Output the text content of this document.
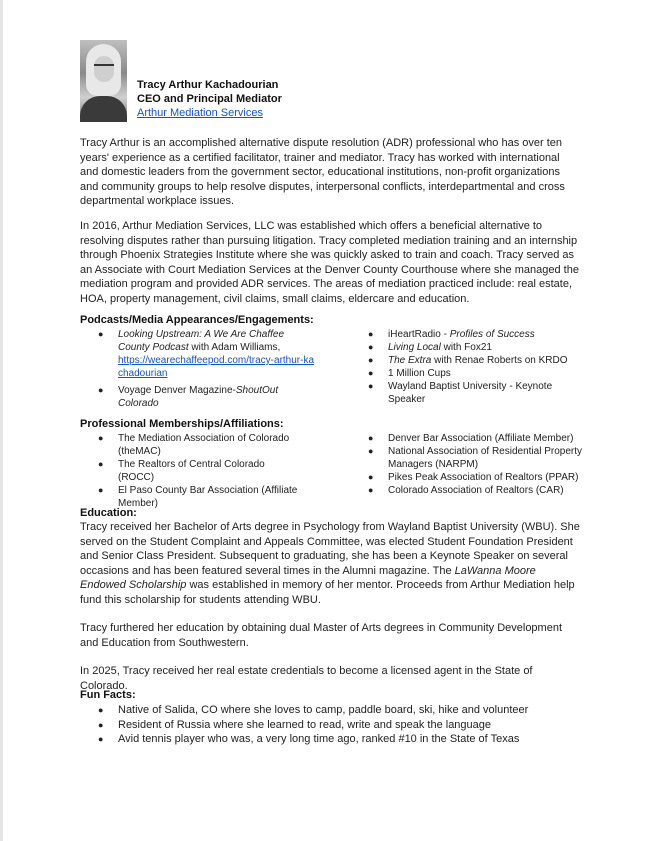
Tracy Arthur Kachadourian
CEO and Principal Mediator
Arthur Mediation Services

Tracy Arthur is an accomplished alternative dispute resolution (ADR) professional who has over ten years' experience as a certified facilitator, trainer and mediator. Tracy has worked with international and domestic leaders from the government sector, educational institutions, non-profit organizations and community groups to help resolve disputes, interpersonal conflicts, interdepartmental and cross departmental workplace issues.

In 2016, Arthur Mediation Services, LLC was established which offers a beneficial alternative to resolving disputes rather than pursuing litigation. Tracy completed mediation training and an internship through Phoenix Strategies Institute where she was quickly asked to train and coach. Tracy served as an Associate with Court Mediation Services at the Denver County Courthouse where she managed the mediation program and provided ADR services. The areas of mediation practiced include: real estate, HOA, property management, civil claims, small claims, eldercare and education.

Podcasts/Media Appearances/Engagements:
● Looking Upstream: A We Are Chaffee County Podcast with Adam Williams,
https://wearechaffeepod.com/tracy-arthur-kachadourian
● Voyage Denver Magazine-ShoutOut Colorado
● iHeartRadio - Profiles of Success
● Living Local with Fox21
● The Extra with Renae Roberts on KRDO
● 1 Million Cups
● Wayland Baptist University - Keynote Speaker
Professional Memberships/Affiliations:
● The Mediation Association of Colorado (theMAC)
● The Realtors of Central Colorado (ROCC)
● El Paso County Bar Association (Affiliate Member)
● Denver Bar Association (Affiliate Member)
● National Association of Residential Property Managers (NARPM)
● Pikes Peak Association of Realtors (PPAR)
● Colorado Association of Realtors (CAR)
Education:

Tracy received her Bachelor of Arts degree in Psychology from Wayland Baptist University (WBU). She served on the Student Complaint and Appeals Committee, was elected Student Foundation President and Senior Class President. Subsequent to graduating, she has been a Keynote Speaker on several occasions and has been featured several times in the Alumni magazine. The LaWanna Moore Endowed Scholarship was established in memory of her mentor. Proceeds from Arthur Mediation help fund this scholarship for students attending WBU.

Tracy furthered her education by obtaining dual Master of Arts degrees in Community Development and Education from Southwestern.

In 2025, Tracy received her real estate credentials to become a licensed agent in the State of Colorado.

Fun Facts:
● Native of Salida, CO where she loves to camp, paddle board, ski, hike and volunteer
● Resident of Russia where she learned to read, write and speak the language
● Avid tennis player who was, a very long time ago, ranked #10 in the State of Texas
